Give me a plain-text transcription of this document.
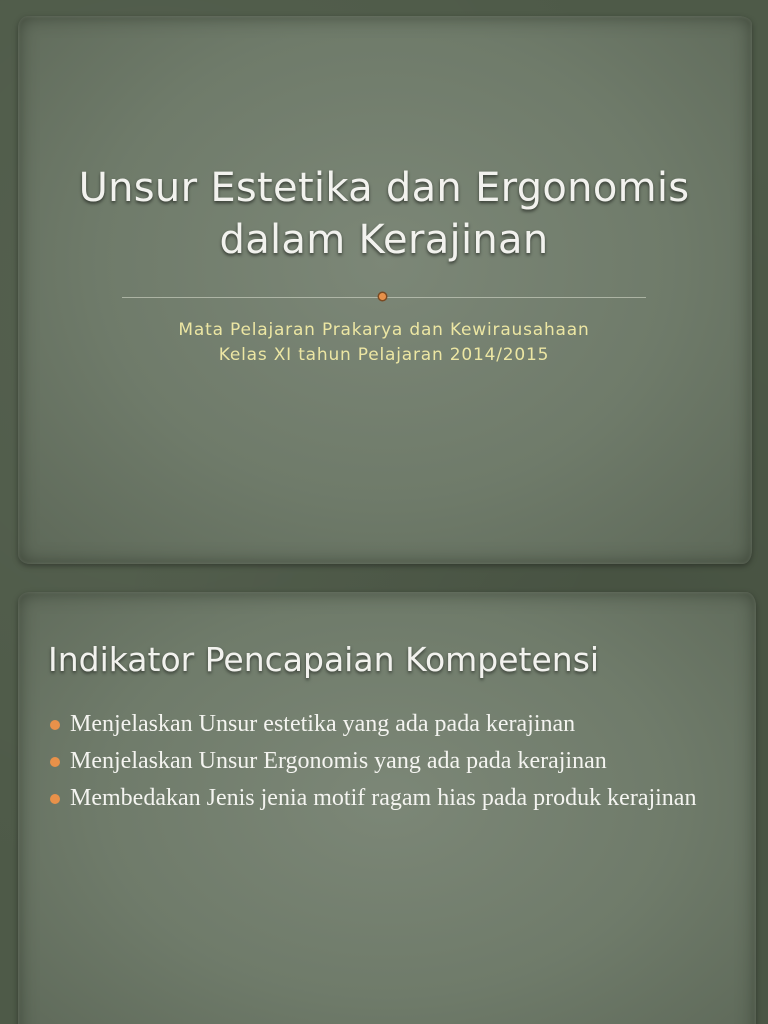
Unsur Estetika dan Ergonomis
dalam Kerajinan
Mata Pelajaran Prakarya dan Kewirausahaan
Kelas XI tahun Pelajaran 2014/2015
Indikator Pencapaian Kompetensi
Menjelaskan Unsur estetika yang ada pada kerajinan
Menjelaskan Unsur Ergonomis yang ada pada kerajinan
Membedakan Jenis jenia motif ragam hias pada produk kerajinan
